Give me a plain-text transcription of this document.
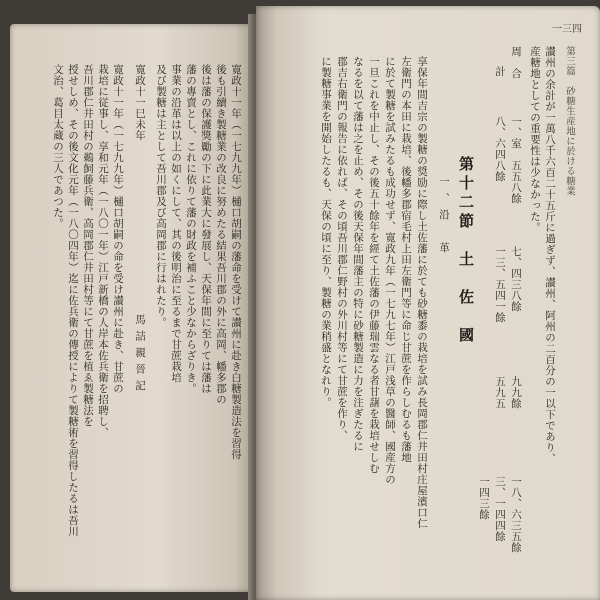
寛政十一年（一七九九年）樋口胡嗣の藩命を受けて讃州に赴き白糖製造法を習得
後も引續き製糖業の改良に努めたる結果吾川郡の外に高岡、幡多郡の
後は藩の保護獎勵の下に此業大に發展し、天保年間に至りては藩は
藩の專賣とし、これに依りて藩の財政を補ふこと少なからざりき。
事業の沿革は以上の如くにして、其の後明治に至るまで甘蔗栽培
及び製糖は主として吾川郡及び高岡郡に行はれたり。
寛政十一巳未年
馬詰親晉記
寛政十一年（一七九九年）樋口胡嗣の命を受け讃州に赴き、甘蔗の
栽培に従事し、享和元年（一八〇一年）江戸新橋の人岸本佐兵衛を招聘し、
吾川郡仁井田村の鵜飼藤兵衛、高岡郡仁井田村等にて甘蔗を植ゑ製糖法を
授せしめ、その後文化元年（一八〇四年）迄に佐兵衛の傳授によりて製糖術を習得したるは吾川
文治、葛目太蔵の三人であつた。
一三四
第三篇　砂糖生産地に於ける糖業
讃州の余計が一萬八千六百二十五斤に過ぎず、讃州、阿州の二百分の一以下であり、
産糖地としての重要性は少なかった。
周　合
計
一、室　五五八餘
八、六四八餘
七、四三八餘
一三、五四一餘
九九餘
五九五
一八、六三五餘
三、一四四餘
一四三餘
第十二節　土　佐　國
一、沿　革
享保年間吉宗の製糖の奨励に際し土佐藩に於ても砂糖黍の栽培を試み長岡郡仁井田村庄屋濱口仁
左衛門の本田に栽培、後幡多郡宿毛村上田左衛門等に命じ甘蔗を作らしむるも藩地
に於て製糖を試みたるも成功せず、寛政九年（一七九七年）江戸浅草の醫師、國産方の
一旦これを中止し、その後五十餘年を經て土佐藩の伊藤瑞雲なる者甘藷を栽培せしむ
なるを以て藩は之を止め、その後天保年間藩主の特に砂糖製造に力を注ぎたるに
郡吉右衛門の報告に依れば、その頃吾川郡仁野村の外川村等にて甘蔗を作り、
に製糖事業を開始したるも、天保の頃に至り、製糖の業稍盛となれり。
